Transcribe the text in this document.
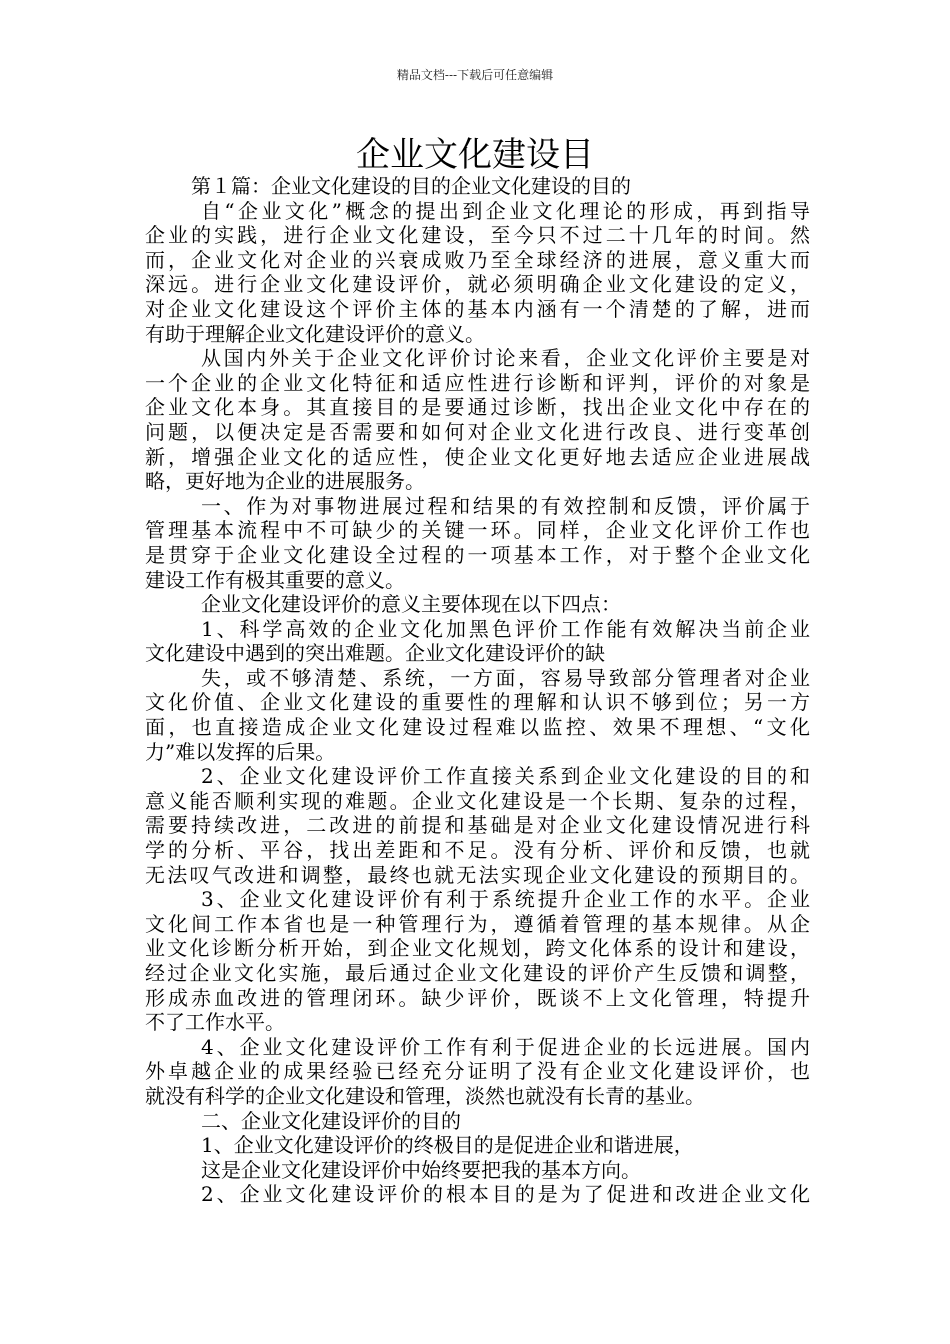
精品文档---下载后可任意编辑
企业文化建设目
第１篇：企业文化建设的目的企业文化建设的目的
自“企业文化”概念的提出到企业文化理论的形成，再到指导
企业的实践，进行企业文化建设，至今只不过二十几年的时间。然
而，企业文化对企业的兴衰成败乃至全球经济的进展，意义重大而
深远。进行企业文化建设评价，就必须明确企业文化建设的定义，
对企业文化建设这个评价主体的基本内涵有一个清楚的了解，进而
有助于理解企业文化建设评价的意义。
从国内外关于企业文化评价讨论来看，企业文化评价主要是对
一个企业的企业文化特征和适应性进行诊断和评判，评价的对象是
企业文化本身。其直接目的是要通过诊断，找出企业文化中存在的
问题，以便决定是否需要和如何对企业文化进行改良、进行变革创
新，增强企业文化的适应性，使企业文化更好地去适应企业进展战
略，更好地为企业的进展服务。
一、作为对事物进展过程和结果的有效控制和反馈，评价属于
管理基本流程中不可缺少的关键一环。同样，企业文化评价工作也
是贯穿于企业文化建设全过程的一项基本工作，对于整个企业文化
建设工作有极其重要的意义。
企业文化建设评价的意义主要体现在以下四点：
1、科学高效的企业文化加黑色评价工作能有效解决当前企业
文化建设中遇到的突出难题。企业文化建设评价的缺
失，或不够清楚、系统，一方面，容易导致部分管理者对企业
文化价值、企业文化建设的重要性的理解和认识不够到位；另一方
面，也直接造成企业文化建设过程难以监控、效果不理想、“文化
力”难以发挥的后果。
2、企业文化建设评价工作直接关系到企业文化建设的目的和
意义能否顺利实现的难题。企业文化建设是一个长期、复杂的过程，
需要持续改进，二改进的前提和基础是对企业文化建设情况进行科
学的分析、平谷，找出差距和不足。没有分析、评价和反馈，也就
无法叹气改进和调整，最终也就无法实现企业文化建设的预期目的。
3、企业文化建设评价有利于系统提升企业工作的水平。企业
文化间工作本省也是一种管理行为，遵循着管理的基本规律。从企
业文化诊断分析开始，到企业文化规划，跨文化体系的设计和建设，
经过企业文化实施，最后通过企业文化建设的评价产生反馈和调整，
形成赤血改进的管理闭环。缺少评价，既谈不上文化管理，特提升
不了工作水平。
4、企业文化建设评价工作有利于促进企业的长远进展。国内
外卓越企业的成果经验已经充分证明了没有企业文化建设评价，也
就没有科学的企业文化建设和管理，淡然也就没有长青的基业。
二、企业文化建设评价的目的
1、企业文化建设评价的终极目的是促进企业和谐进展，
这是企业文化建设评价中始终要把我的基本方向。
2、企业文化建设评价的根本目的是为了促进和改进企业文化
